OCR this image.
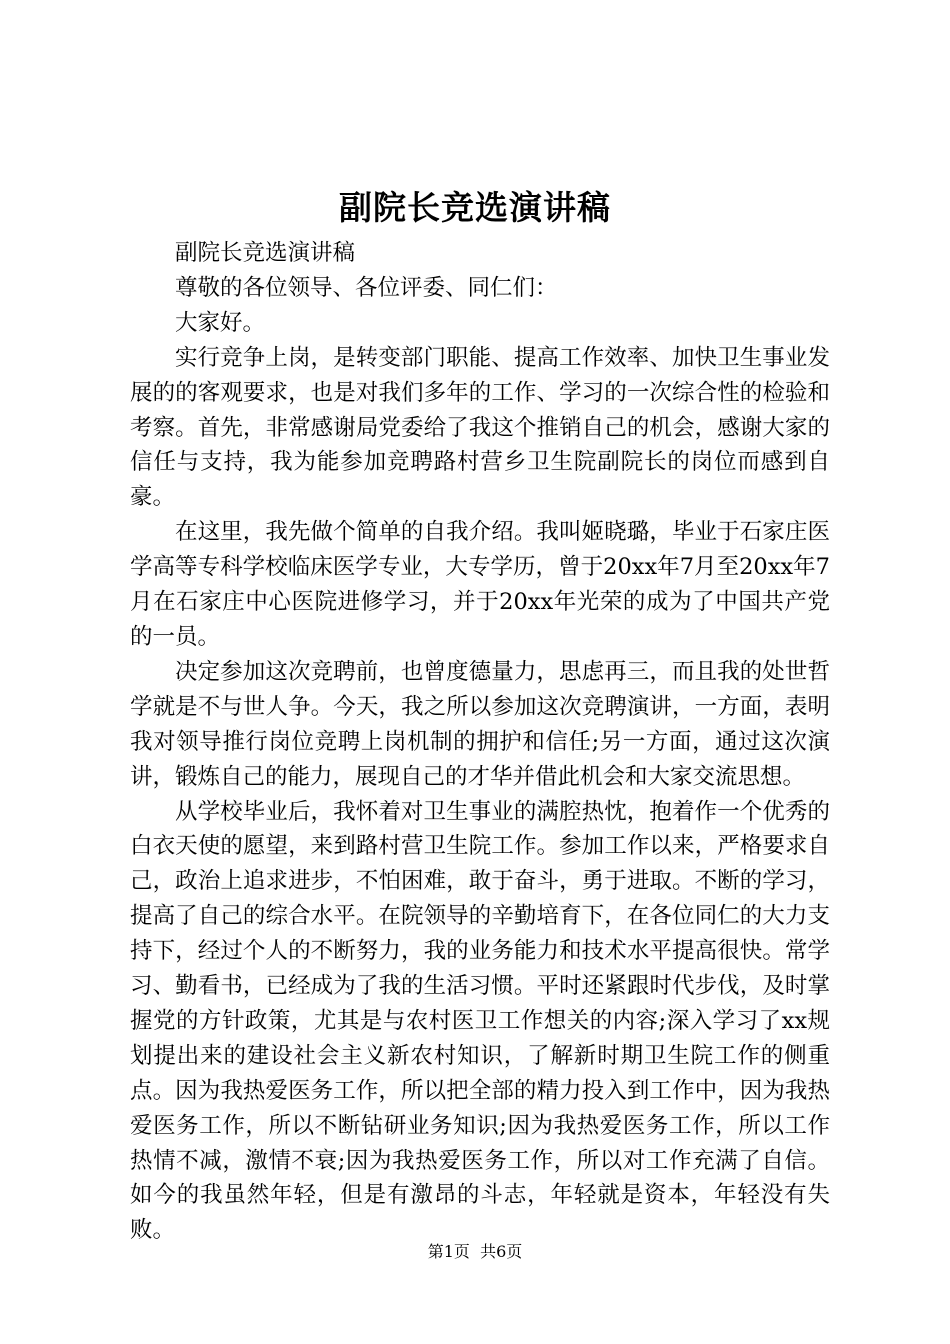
副院长竞选演讲稿

副院长竞选演讲稿

尊敬的各位领导、各位评委、同仁们：

大家好。

实行竞争上岗，是转变部门职能、提高工作效率、加快卫生事业发展的的客观要求，也是对我们多年的工作、学习的一次综合性的检验和考察。首先，非常感谢局党委给了我这个推销自己的机会，感谢大家的信任与支持，我为能参加竞聘路村营乡卫生院副院长的岗位而感到自豪。

在这里，我先做个简单的自我介绍。我叫姬晓璐，毕业于石家庄医学高等专科学校临床医学专业，大专学历，曾于20xx年7月至20xx年7月在石家庄中心医院进修学习，并于20xx年光荣的成为了中国共产党的一员。

决定参加这次竞聘前，也曾度德量力，思虑再三，而且我的处世哲学就是不与世人争。今天，我之所以参加这次竞聘演讲，一方面，表明我对领导推行岗位竞聘上岗机制的拥护和信任;另一方面，通过这次演讲，锻炼自己的能力，展现自己的才华并借此机会和大家交流思想。

从学校毕业后，我怀着对卫生事业的满腔热忱，抱着作一个优秀的白衣天使的愿望，来到路村营卫生院工作。参加工作以来，严格要求自己，政治上追求进步，不怕困难，敢于奋斗，勇于进取。不断的学习，提高了自己的综合水平。在院领导的辛勤培育下，在各位同仁的大力支持下，经过个人的不断努力，我的业务能力和技术水平提高很快。常学习、勤看书，已经成为了我的生活习惯。平时还紧跟时代步伐，及时掌握党的方针政策，尤其是与农村医卫工作想关的内容;深入学习了xx规划提出来的建设社会主义新农村知识，了解新时期卫生院工作的侧重点。因为我热爱医务工作，所以把全部的精力投入到工作中，因为我热爱医务工作，所以不断钻研业务知识;因为我热爱医务工作，所以工作热情不减，激情不衰;因为我热爱医务工作，所以对工作充满了自信。如今的我虽然年轻，但是有激昂的斗志，年轻就是资本，年轻没有失败。

第1页 共6页
